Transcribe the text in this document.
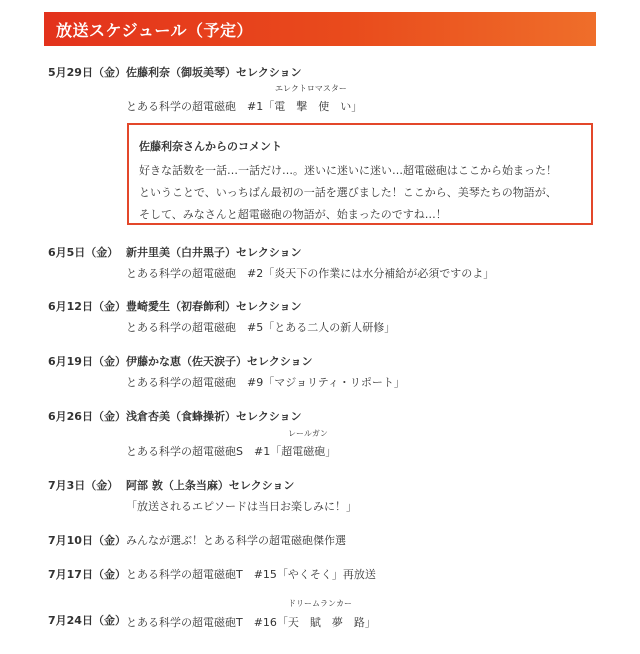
放送スケジュール（予定）
5月29日（金） 佐藤利奈（御坂美琴）セレクション
エレクトロマスター
とある科学の超電磁砲　#1「電　撃　使　い」
佐藤利奈さんからのコメント
好きな話数を一話…一話だけ…。迷いに迷いに迷い…超電磁砲はここから始まった！
ということで、いっちばん最初の一話を選びました！ここから、美琴たちの物語が、
そして、みなさんと超電磁砲の物語が、始まったのですね…！
6月5日（金） 新井里美（白井黒子）セレクション
とある科学の超電磁砲　#2「炎天下の作業には水分補給が必須ですのよ」
6月12日（金） 豊崎愛生（初春飾利）セレクション
とある科学の超電磁砲　#5「とある二人の新人研修」
6月19日（金） 伊藤かな恵（佐天涙子）セレクション
とある科学の超電磁砲　#9「マジョリティ・リポート」
6月26日（金） 浅倉杏美（食蜂操祈）セレクション
レールガン
とある科学の超電磁砲S　#1「超電磁砲」
7月3日（金） 阿部 敦（上条当麻）セレクション
「放送されるエピソードは当日お楽しみに！」
7月10日（金） みんなが選ぶ！とある科学の超電磁砲傑作選
7月17日（金） とある科学の超電磁砲T　#15「やくそく」再放送
ドリームランカー
7月24日（金） とある科学の超電磁砲T　#16「天　賦　夢　路」
